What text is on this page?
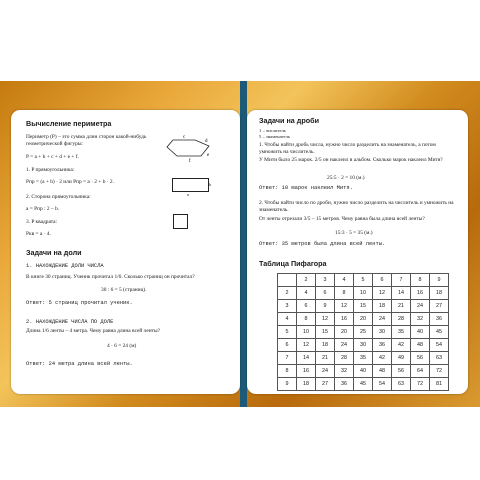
Вычисление периметра
Периметр (P) – это сумма длин сторон какой-нибудь геометрической фигуры:
P = a + b + c + d + e + f.
c
d
e
f
1. P прямоугольника:
Pпр = (a + b) · 2 или Pпр = a · 2 + b · 2.	b
a
2. Сторона прямоугольника:
a = Pпр : 2 – b.
3. P квадрата:
Pкв = a · 4.
Задачи на доли
1. НАХОЖДЕНИЕ ДОЛИ ЧИСЛА
В книге 30 страниц. Ученик прочитал 1/6. Сколько страниц он прочитал?
30 : 6 = 5 (страниц).
Ответ: 5 страниц прочитал ученик.
2. НАХОЖДЕНИЕ ЧИСЛА ПО ДОЛЕ
Длина 1/6 ленты – 4 метра. Чему равна длина всей ленты?
4 · 6 = 24 (м)
Ответ: 24 метра длина всей ленты.
Задачи на дроби
1 – числитель
5 – знаменатель
1. Чтобы найти дробь числа, нужно число разделить на знаменатель, а потом умножить на числитель.
У Мити было 25 марок. 2/5 он наклеил в альбом. Сколько марок наклеил Митя?
25:5 · 2 = 10 (м.)
Ответ: 10 марок наклеил Митя.
2. Чтобы найти число по дроби, нужно число разделить на числитель и умножить на знаменатель.
От ленты отрезали 3/5 – 15 метров. Чему равна была длина всей ленты?
15:3 · 5 = 35 (м.)
Ответ: 35 метров была длина всей ленты.
Таблица Пифагора
	2	3	4	5	6	7	8	9
2	4	6	8	10	12	14	16	18
3	6	9	12	15	18	21	24	27
4	8	12	16	20	24	28	32	36
5	10	15	20	25	30	35	40	45
6	12	18	24	30	36	42	48	54
7	14	21	28	35	42	49	56	63
8	16	24	32	40	48	56	64	72
9	18	27	36	45	54	63	72	81
